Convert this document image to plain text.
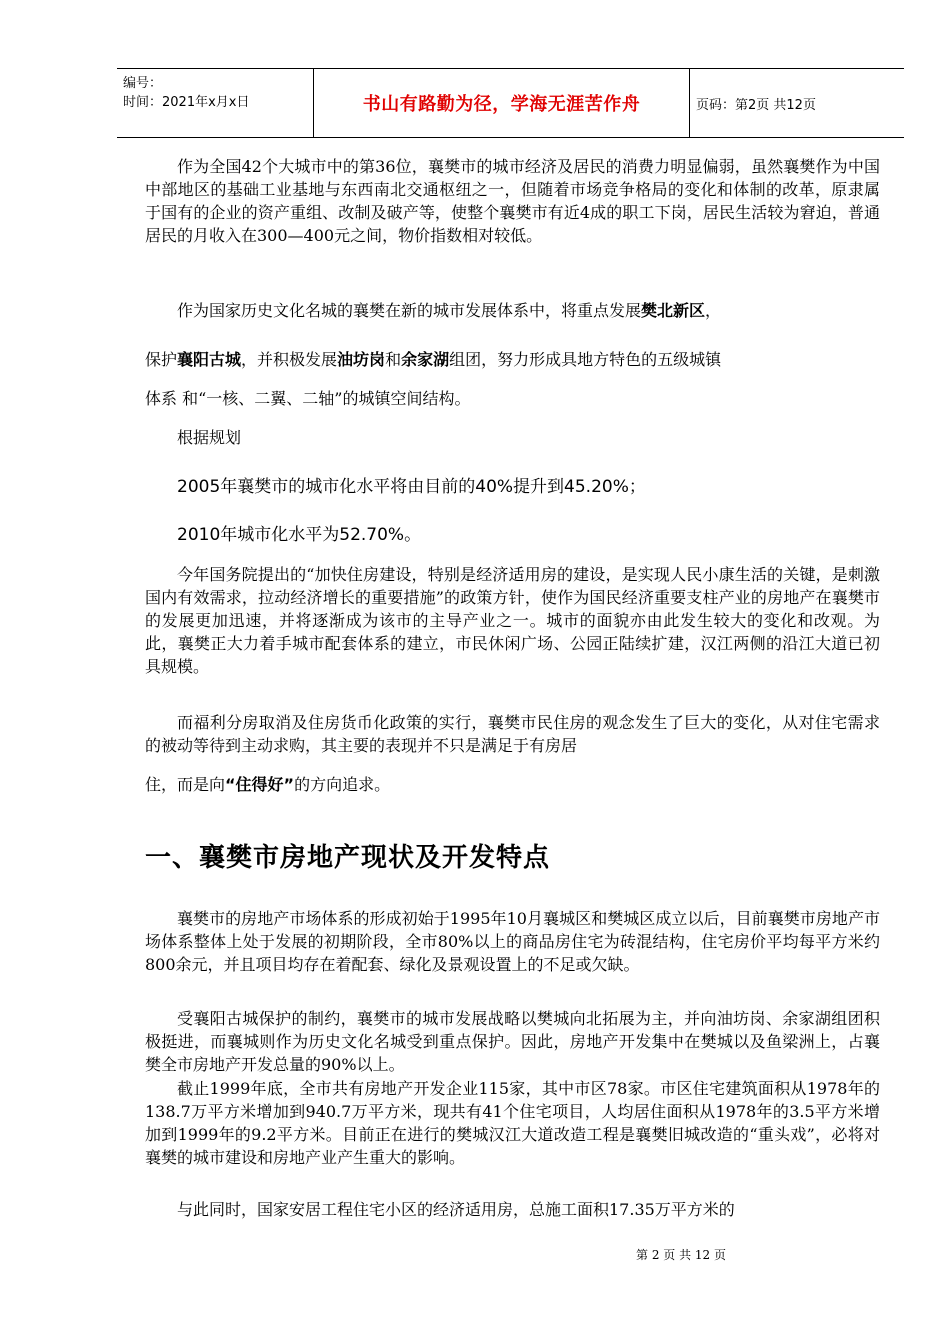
编号：
时间：2021年x月x日	书山有路勤为径，学海无涯苦作舟	页码：第2页 共12页
作为全国42个大城市中的第36位，襄樊市的城市经济及居民的消费力明显偏弱，虽然襄樊作为中国中部地区的基础工业基地与东西南北交通枢纽之一，但随着市场竞争格局的变化和体制的改革，原隶属于国有的企业的资产重组、改制及破产等，使整个襄樊市有近4成的职工下岗，居民生活较为窘迫，普通居民的月收入在300—400元之间，物价指数相对较低。
作为国家历史文化名城的襄樊在新的城市发展体系中，将重点发展樊北新区，
保护襄阳古城，并积极发展油坊岗和余家湖组团，努力形成具地方特色的五级城镇
体系 和“一核、二翼、二轴”的城镇空间结构。
根据规划
2005年襄樊市的城市化水平将由目前的40%提升到45.20%；
2010年城市化水平为52.70%。
今年国务院提出的“加快住房建设，特别是经济适用房的建设，是实现人民小康生活的关键，是刺激国内有效需求，拉动经济增长的重要措施”的政策方针，使作为国民经济重要支柱产业的房地产在襄樊市的发展更加迅速，并将逐渐成为该市的主导产业之一。城市的面貌亦由此发生较大的变化和改观。为此，襄樊正大力着手城市配套体系的建立，市民休闲广场、公园正陆续扩建，汉江两侧的沿江大道已初具规模。
而福利分房取消及住房货币化政策的实行，襄樊市民住房的观念发生了巨大的变化，从对住宅需求的被动等待到主动求购，其主要的表现并不只是满足于有房居
住，而是向“住得好”的方向追求。
一、襄樊市房地产现状及开发特点
襄樊市的房地产市场体系的形成初始于1995年10月襄城区和樊城区成立以后，目前襄樊市房地产市场体系整体上处于发展的初期阶段，全市80%以上的商品房住宅为砖混结构，住宅房价平均每平方米约800余元，并且项目均存在着配套、绿化及景观设置上的不足或欠缺。
受襄阳古城保护的制约，襄樊市的城市发展战略以樊城向北拓展为主，并向油坊岗、余家湖组团积极挺进，而襄城则作为历史文化名城受到重点保护。因此，房地产开发集中在樊城以及鱼梁洲上，占襄樊全市房地产开发总量的90%以上。
截止1999年底，全市共有房地产开发企业115家，其中市区78家。市区住宅建筑面积从1978年的138.7万平方米增加到940.7万平方米，现共有41个住宅项目，人均居住面积从1978年的3.5平方米增加到1999年的9.2平方米。目前正在进行的樊城汉江大道改造工程是襄樊旧城改造的“重头戏”，必将对襄樊的城市建设和房地产业产生重大的影响。
与此同时，国家安居工程住宅小区的经济适用房，总施工面积17.35万平方米的
第 2 页 共 12 页
